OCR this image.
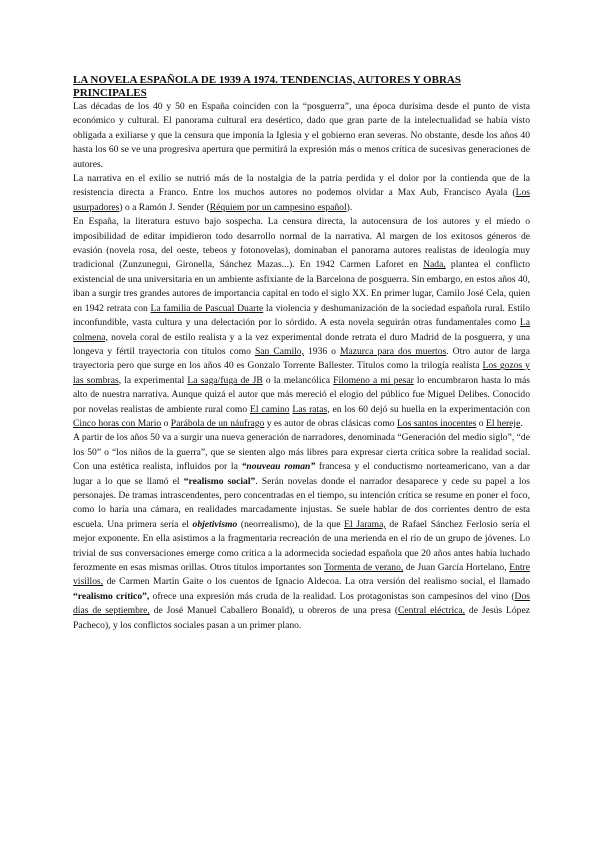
LA NOVELA ESPAÑOLA DE 1939 A 1974. TENDENCIAS, AUTORES Y OBRAS PRINCIPALES

Las décadas de los 40 y 50 en España coinciden con la “posguerra”, una época durísima desde el punto de vista económico y cultural. El panorama cultural era desértico, dado que gran parte de la intelectualidad se había visto obligada a exiliarse y que la censura que imponía la Iglesia y el gobierno eran severas. No obstante, desde los años 40 hasta los 60 se ve una progresiva apertura que permitirá la expresión más o menos crítica de sucesivas generaciones de autores.

La narrativa en el exilio se nutrió más de la nostalgia de la patria perdida y el dolor por la contienda que de la resistencia directa a Franco. Entre los muchos autores no podemos olvidar a Max Aub, Francisco Ayala (Los usurpadores) o a Ramón J. Sender (Réquiem por un campesino español).

En España, la literatura estuvo bajo sospecha. La censura directa, la autocensura de los autores y el miedo o imposibilidad de editar impidieron todo desarrollo normal de la narrativa. Al margen de los exitosos géneros de evasión (novela rosa, del oeste, tebeos y fotonovelas), dominaban el panorama autores realistas de ideología muy tradicional (Zunzunegui, Gironella, Sánchez Mazas...). En 1942 Carmen Laforet en Nada, plantea el conflicto existencial de una universitaria en un ambiente asfixiante de la Barcelona de posguerra. Sin embargo, en estos años 40, iban a surgir tres grandes autores de importancia capital en todo el siglo XX. En primer lugar, Camilo José Cela, quien en 1942 retrata con La familia de Pascual Duarte la violencia y deshumanización de la sociedad española rural. Estilo inconfundible, vasta cultura y una delectación por lo sórdido. A esta novela seguirán otras fundamentales como La colmena, novela coral de estilo realista y a la vez experimental donde retrata el duro Madrid de la posguerra, y una longeva y fértil trayectoria con títulos como San Camilo, 1936 o Mazurca para dos muertos. Otro autor de larga trayectoria pero que surge en los años 40 es Gonzalo Torrente Ballester. Títulos como la trilogía realista Los gozos y las sombras, la experimental La saga/fuga de JB o la melancólica Filomeno a mi pesar lo encumbraron hasta lo más alto de nuestra narrativa. Aunque quizá el autor que más mereció el elogio del público fue Miguel Delibes. Conocido por novelas realistas de ambiente rural como El camino Las ratas, en los 60 dejó su huella en la experimentación con Cinco horas con Mario o Parábola de un náufrago y es autor de obras clásicas como Los santos inocentes o El hereje.

A partir de los años 50 va a surgir una nueva generación de narradores, denominada “Generación del medio siglo”, “de los 50” o “los niños de la guerra”, que se sienten algo más libres para expresar cierta crítica sobre la realidad social. Con una estética realista, influidos por la “nouveau roman” francesa y el conductismo norteamericano, van a dar lugar a lo que se llamó el “realismo social”. Serán novelas donde el narrador desaparece y cede su papel a los personajes. De tramas intrascendentes, pero concentradas en el tiempo, su intención crítica se resume en poner el foco, como lo haría una cámara, en realidades marcadamente injustas. Se suele hablar de dos corrientes dentro de esta escuela. Una primera sería el objetivismo (neorrealismo), de la que El Jarama, de Rafael Sánchez Ferlosio sería el mejor exponente. En ella asistimos a la fragmentaria recreación de una merienda en el río de un grupo de jóvenes. Lo trivial de sus conversaciones emerge como crítica a la adormecida sociedad española que 20 años antes había luchado ferozmente en esas mismas orillas. Otros títulos importantes son Tormenta de verano, de Juan García Hortelano, Entre visillos, de Carmen Martín Gaite o los cuentos de Ignacio Aldecoa. La otra versión del realismo social, el llamado “realismo crítico”, ofrece una expresión más cruda de la realidad. Los protagonistas son campesinos del vino (Dos días de septiembre, de José Manuel Caballero Bonald), u obreros de una presa (Central eléctrica, de Jesús López Pacheco), y los conflictos sociales pasan a un primer plano.
